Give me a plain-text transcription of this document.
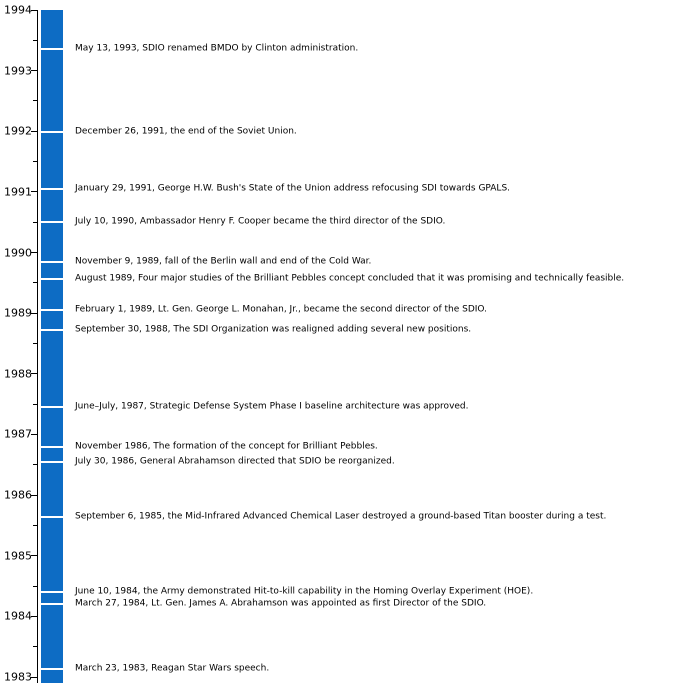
1994
1993
1992
1991
1990
1989
1988
1987
1986
1985
1984
1983
May 13, 1993, SDIO renamed BMDO by Clinton administration.
December 26, 1991, the end of the Soviet Union.
January 29, 1991, George H.W. Bush's State of the Union address refocusing SDI towards GPALS.
July 10, 1990, Ambassador Henry F. Cooper became the third director of the SDIO.
November 9, 1989, fall of the Berlin wall and end of the Cold War.
August 1989, Four major studies of the Brilliant Pebbles concept concluded that it was promising and technically feasible.
February 1, 1989, Lt. Gen. George L. Monahan, Jr., became the second director of the SDIO.
September 30, 1988, The SDI Organization was realigned adding several new positions.
June–July, 1987, Strategic Defense System Phase I baseline architecture was approved.
November 1986, The formation of the concept for Brilliant Pebbles.
July 30, 1986, General Abrahamson directed that SDIO be reorganized.
September 6, 1985, the Mid-Infrared Advanced Chemical Laser destroyed a ground-based Titan booster during a test.
June 10, 1984, the Army demonstrated Hit-to-kill capability in the Homing Overlay Experiment (HOE).
March 27, 1984, Lt. Gen. James A. Abrahamson was appointed as first Director of the SDIO.
March 23, 1983, Reagan Star Wars speech.
